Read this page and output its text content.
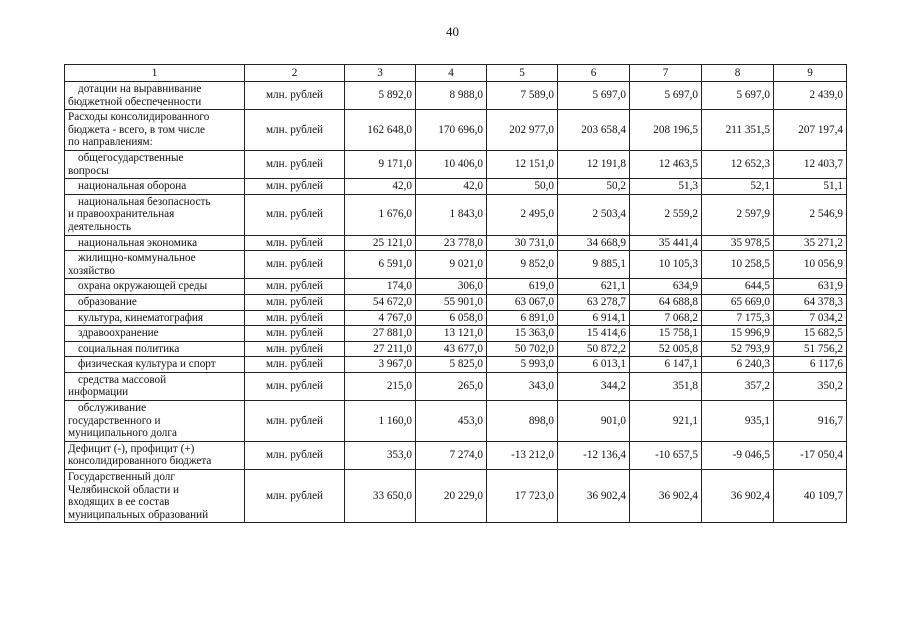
40
1	2	3	4	5	6	7	8	9
дотации на выравнивание
бюджетной обеспеченности	млн. рублей	5 892,0	8 988,0	7 589,0	5 697,0	5 697,0	5 697,0	2 439,0
Расходы консолидированного
бюджета - всего, в том числе
по направлениям:	млн. рублей	162 648,0	170 696,0	202 977,0	203 658,4	208 196,5	211 351,5	207 197,4
общегосударственные
вопросы	млн. рублей	9 171,0	10 406,0	12 151,0	12 191,8	12 463,5	12 652,3	12 403,7
национальная оборона	млн. рублей	42,0	42,0	50,0	50,2	51,3	52,1	51,1
национальная безопасность
и правоохранительная
деятельность	млн. рублей	1 676,0	1 843,0	2 495,0	2 503,4	2 559,2	2 597,9	2 546,9
национальная экономика	млн. рублей	25 121,0	23 778,0	30 731,0	34 668,9	35 441,4	35 978,5	35 271,2
жилищно-коммунальное
хозяйство	млн. рублей	6 591,0	9 021,0	9 852,0	9 885,1	10 105,3	10 258,5	10 056,9
охрана окружающей среды	млн. рублей	174,0	306,0	619,0	621,1	634,9	644,5	631,9
образование	млн. рублей	54 672,0	55 901,0	63 067,0	63 278,7	64 688,8	65 669,0	64 378,3
культура, кинематография	млн. рублей	4 767,0	6 058,0	6 891,0	6 914,1	7 068,2	7 175,3	7 034,2
здравоохранение	млн. рублей	27 881,0	13 121,0	15 363,0	15 414,6	15 758,1	15 996,9	15 682,5
социальная политика	млн. рублей	27 211,0	43 677,0	50 702,0	50 872,2	52 005,8	52 793,9	51 756,2
физическая культура и спорт	млн. рублей	3 967,0	5 825,0	5 993,0	6 013,1	6 147,1	6 240,3	6 117,6
средства массовой
информации	млн. рублей	215,0	265,0	343,0	344,2	351,8	357,2	350,2
обслуживание
государственного и
муниципального долга	млн. рублей	1 160,0	453,0	898,0	901,0	921,1	935,1	916,7
Дефицит (-), профицит (+)
консолидированного бюджета	млн. рублей	353,0	7 274,0	-13 212,0	-12 136,4	-10 657,5	-9 046,5	-17 050,4
Государственный долг
Челябинской области и
входящих в ее состав
муниципальных образований	млн. рублей	33 650,0	20 229,0	17 723,0	36 902,4	36 902,4	36 902,4	40 109,7
